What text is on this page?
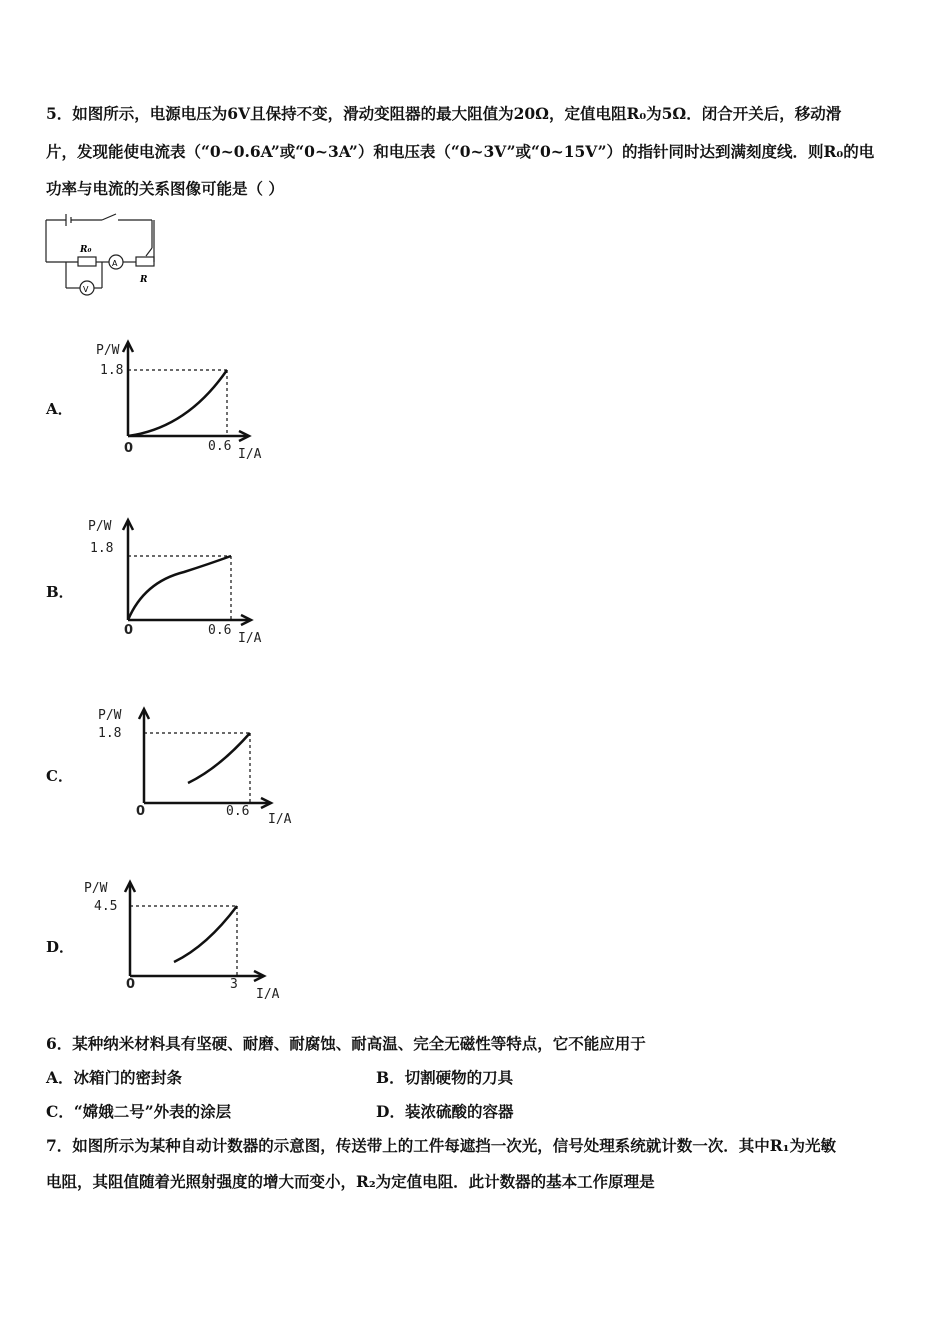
5．如图所示，电源电压为6V且保持不变，滑动变阻器的最大阻值为20Ω，定值电阻R₀为5Ω．闭合开关后，移动滑
片，发现能使电流表（“0~0.6A”或“0~3A”）和电压表（“0~3V”或“0~15V”）的指针同时达到满刻度线．则R₀的电
功率与电流的关系图像可能是（ ）
R₀
A
V
R
A．
P/W
1.8
0	0.6
I/A
B．
P/W
1.8
0	0.6
I/A
C．
P/W
1.8
0	0.6
I/A
D．
P/W
4.5
0	3
I/A
6．某种纳米材料具有坚硬、耐磨、耐腐蚀、耐高温、完全无磁性等特点，它不能应用于
A．冰箱门的密封条	B．切割硬物的刀具
C．“嫦娥二号”外表的涂层	D．装浓硫酸的容器
7．如图所示为某种自动计数器的示意图，传送带上的工件每遮挡一次光，信号处理系统就计数一次．其中R₁为光敏
电阻，其阻值随着光照射强度的增大而变小，R₂为定值电阻．此计数器的基本工作原理是
